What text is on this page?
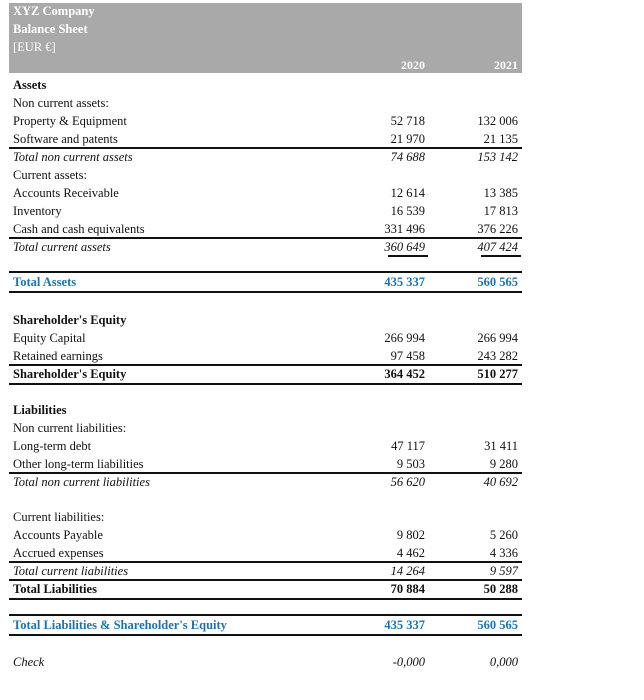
XYZ Company
Balance Sheet
[EUR €]
2020	2021
Assets
Non current assets:
Property & Equipment	52 718	132 006
Software and patents	21 970	21 135
Total non current assets	74 688	153 142
Current assets:
Accounts Receivable	12 614	13 385
Inventory	16 539	17 813
Cash and cash equivalents	331 496	376 226
Total current assets	360 649	407 424
Total Assets	435 337	560 565
Shareholder's Equity
Equity Capital	266 994	266 994
Retained earnings	97 458	243 282
Shareholder's Equity	364 452	510 277
Liabilities
Non current liabilities:
Long-term debt	47 117	31 411
Other long-term liabilities	9 503	9 280
Total non current liabilities	56 620	40 692
Current liabilities:
Accounts Payable	9 802	5 260
Accrued expenses	4 462	4 336
Total current liabilities	14 264	9 597
Total Liabilities	70 884	50 288
Total Liabilities & Shareholder's Equity	435 337	560 565
Check	-0,000	0,000
